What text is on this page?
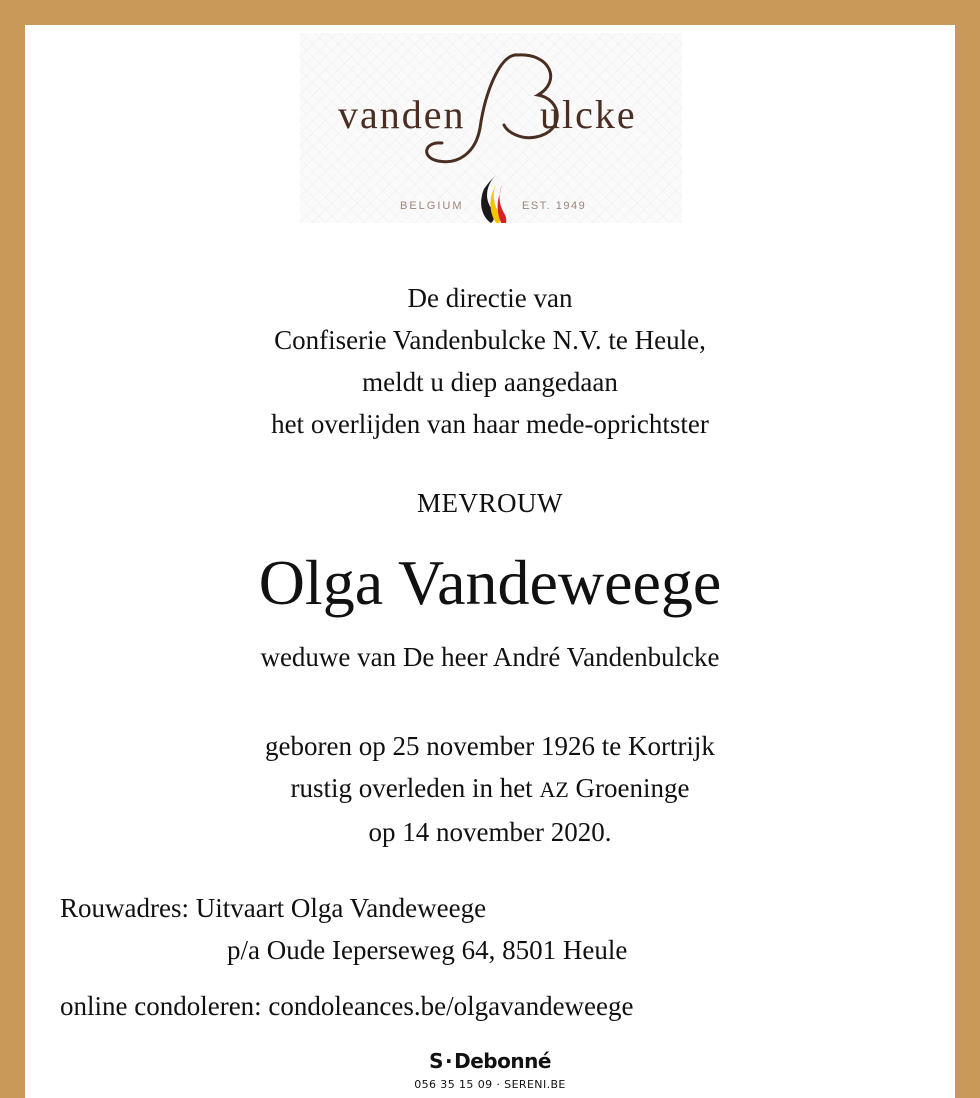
vanden ulcke
BELGIUM	EST. 1949
De directie van
Confiserie Vandenbulcke N.V. te Heule,
meldt u diep aangedaan
het overlijden van haar mede-oprichtster
MEVROUW
Olga Vandeweege
weduwe van De heer André Vandenbulcke
geboren op 25 november 1926 te Kortrijk
rustig overleden in het AZ Groeninge
op 14 november 2020.
Rouwadres: Uitvaart Olga Vandeweege
p/a Oude Ieperseweg 64, 8501 Heule
online condoleren: condoleances.be/olgavandeweege
S · Debonné
056 35 15 09 · SERENI.BE
